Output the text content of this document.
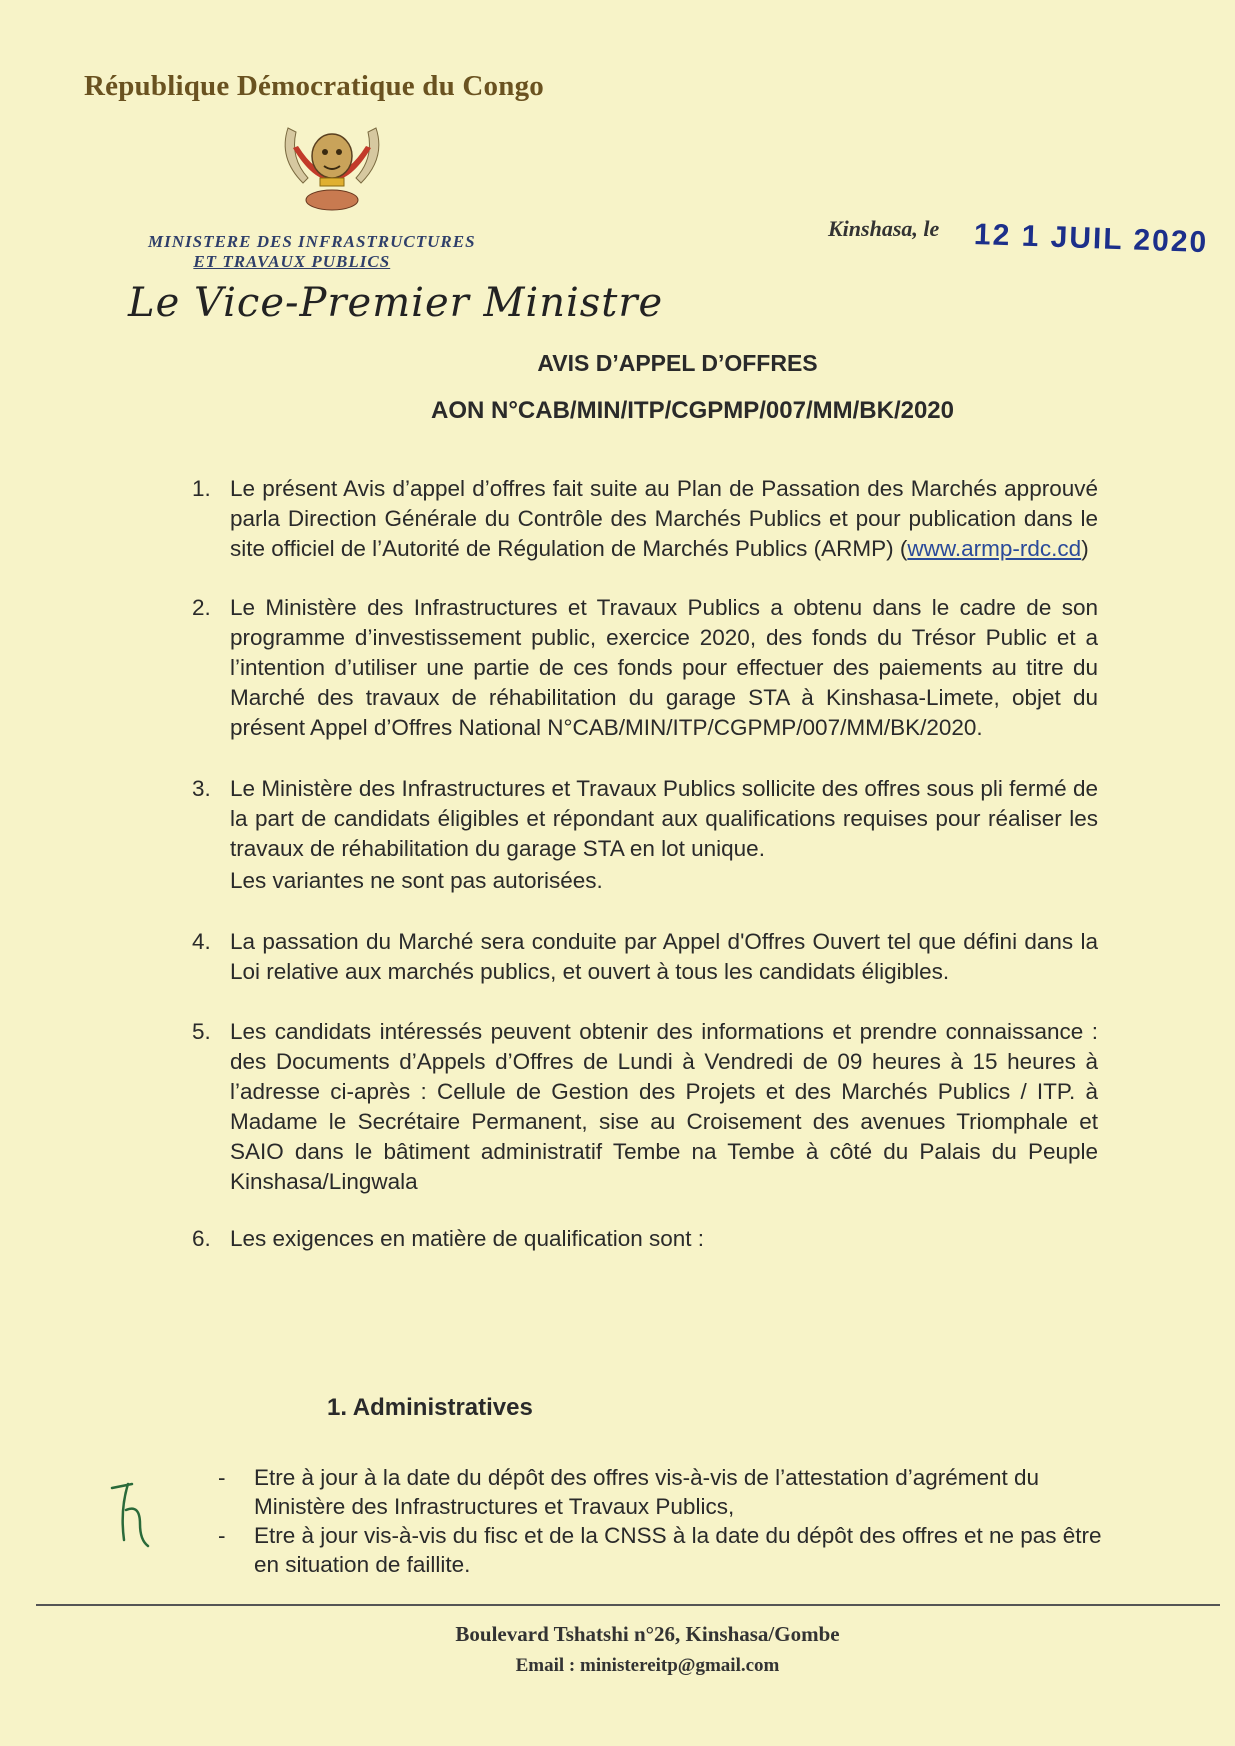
République Démocratique du Congo
MINISTERE DES INFRASTRUCTURES
ET TRAVAUX PUBLICS
Le Vice-Premier Ministre
Kinshasa, le 12 1 JUIL 2020
AVIS D’APPEL D’OFFRES
AON N°CAB/MIN/ITP/CGPMP/007/MM/BK/2020
1. Le présent Avis d’appel d’offres fait suite au Plan de Passation des Marchés approuvé parla Direction Générale du Contrôle des Marchés Publics et pour publication dans le site officiel de l’Autorité de Régulation de Marchés Publics (ARMP) (www.armp-rdc.cd)
2. Le Ministère des Infrastructures et Travaux Publics a obtenu dans le cadre de son programme d’investissement public, exercice 2020, des fonds du Trésor Public et a l’intention d’utiliser une partie de ces fonds pour effectuer des paiements au titre du Marché des travaux de réhabilitation du garage STA à Kinshasa-Limete, objet du présent Appel d’Offres National N°CAB/MIN/ITP/CGPMP/007/MM/BK/2020.
3. Le Ministère des Infrastructures et Travaux Publics sollicite des offres sous pli fermé de la part de candidats éligibles et répondant aux qualifications requises pour réaliser les travaux de réhabilitation du garage STA en lot unique.
Les variantes ne sont pas autorisées.
4. La passation du Marché sera conduite par Appel d'Offres Ouvert tel que défini dans la Loi relative aux marchés publics, et ouvert à tous les candidats éligibles.
5. Les candidats intéressés peuvent obtenir des informations et prendre connaissance : des Documents d’Appels d’Offres de Lundi à Vendredi de 09 heures à 15 heures à l’adresse ci-après : Cellule de Gestion des Projets et des Marchés Publics / ITP. à Madame le Secrétaire Permanent, sise au Croisement des avenues Triomphale et SAIO dans le bâtiment administratif Tembe na Tembe à côté du Palais du Peuple Kinshasa/Lingwala
6. Les exigences en matière de qualification sont :
1. Administratives
- Etre à jour à la date du dépôt des offres vis-à-vis de l’attestation d’agrément du Ministère des Infrastructures et Travaux Publics,
- Etre à jour vis-à-vis du fisc et de la CNSS à la date du dépôt des offres et ne pas être en situation de faillite.
Boulevard Tshatshi n°26, Kinshasa/Gombe
Email : ministereitp@gmail.com
